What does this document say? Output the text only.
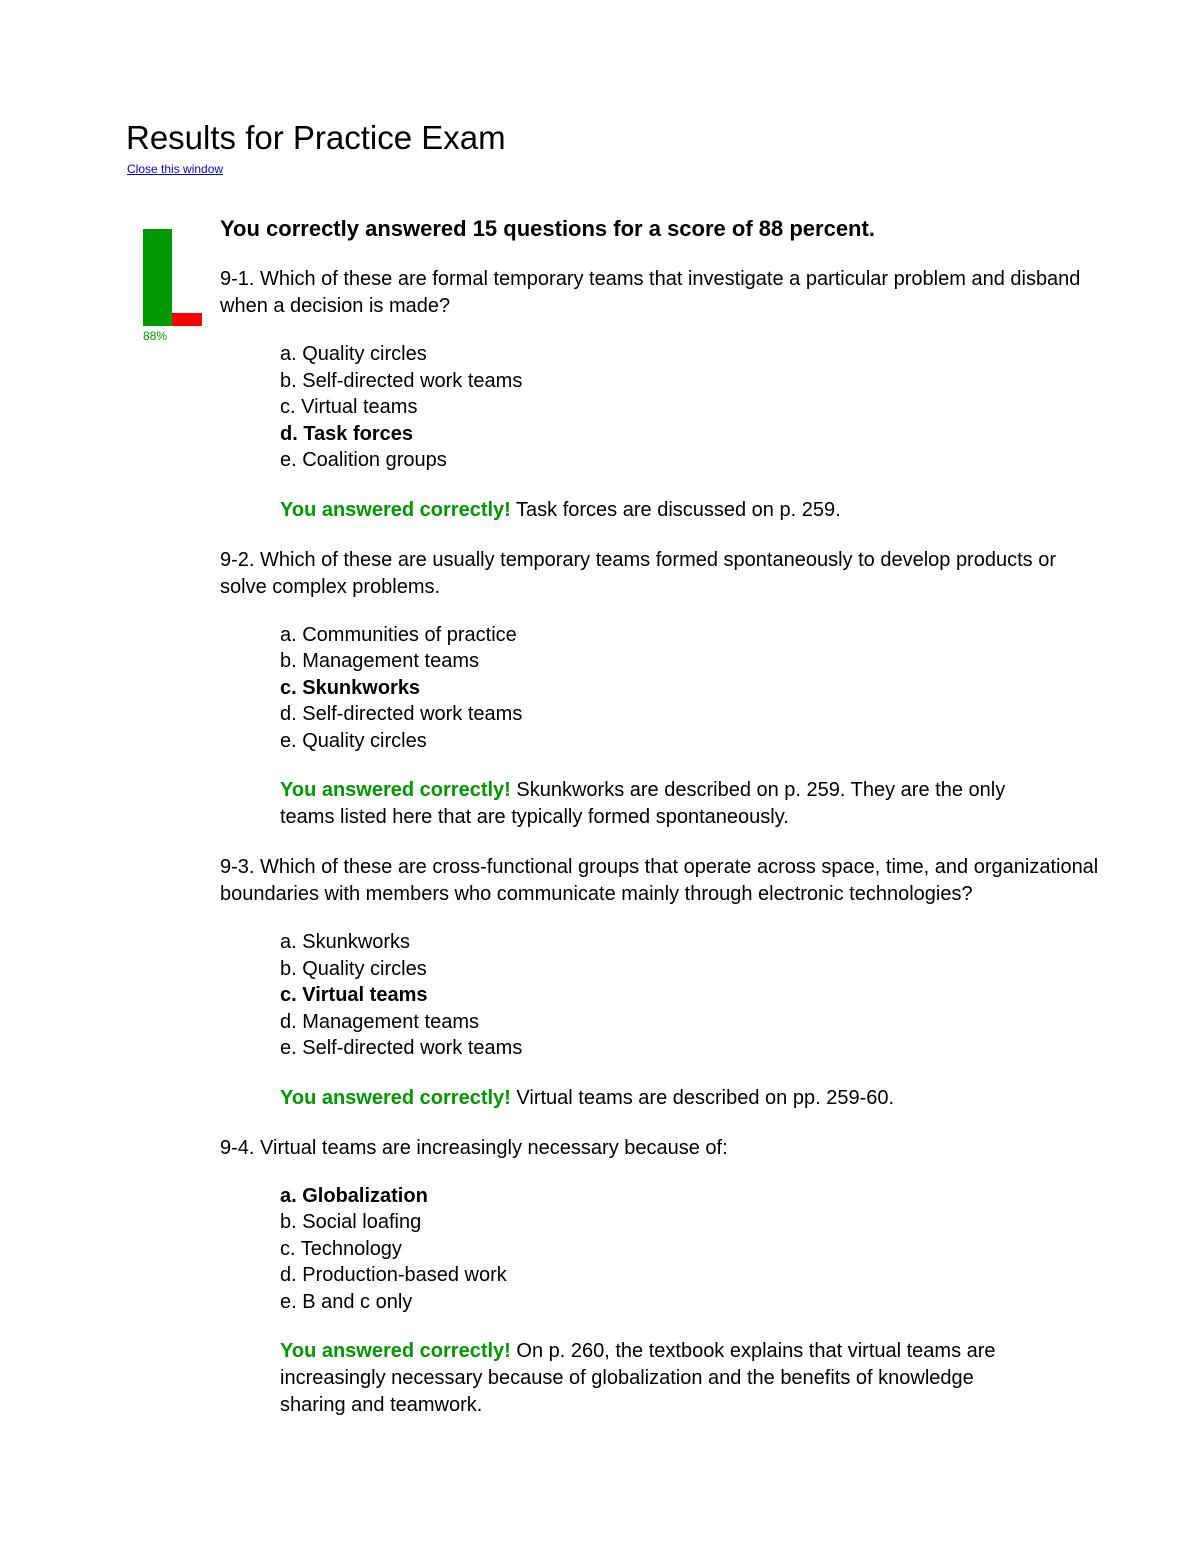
Results for Practice Exam
Close this window
88%

You correctly answered 15 questions for a score of 88 percent.

9-1. Which of these are formal temporary teams that investigate a particular problem and disband when a decision is made?

a. Quality circles
b. Self-directed work teams
c. Virtual teams
d. Task forces
e. Coalition groups

You answered correctly! Task forces are discussed on p. 259.

9-2. Which of these are usually temporary teams formed spontaneously to develop products or solve complex problems.

a. Communities of practice
b. Management teams
c. Skunkworks
d. Self-directed work teams
e. Quality circles

You answered correctly! Skunkworks are described on p. 259. They are the only teams listed here that are typically formed spontaneously.

9-3. Which of these are cross-functional groups that operate across space, time, and organizational boundaries with members who communicate mainly through electronic technologies?

a. Skunkworks
b. Quality circles
c. Virtual teams
d. Management teams
e. Self-directed work teams

You answered correctly! Virtual teams are described on pp. 259-60.

9-4. Virtual teams are increasingly necessary because of:

a. Globalization
b. Social loafing
c. Technology
d. Production-based work
e. B and c only

You answered correctly! On p. 260, the textbook explains that virtual teams are increasingly necessary because of globalization and the benefits of knowledge sharing and teamwork.
